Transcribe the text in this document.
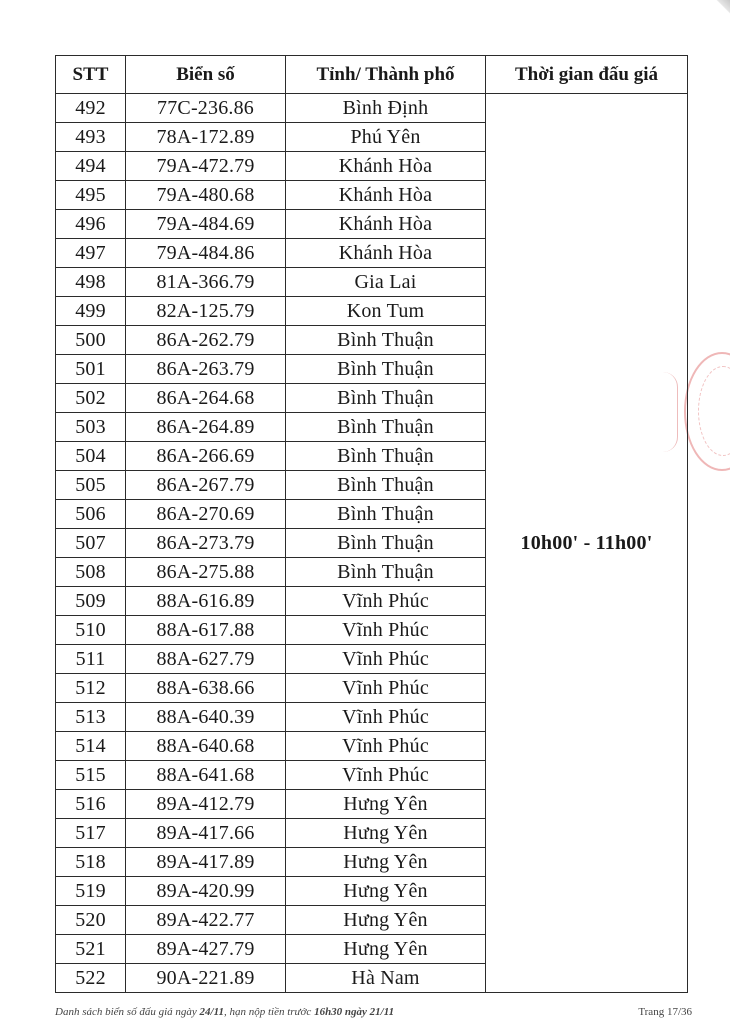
STT	Biển số	Tỉnh/ Thành phố	Thời gian đấu giá
492	77C-236.86	Bình Định	10h00' - 11h00'
493	78A-172.89	Phú Yên	
494	79A-472.79	Khánh Hòa	
495	79A-480.68	Khánh Hòa	
496	79A-484.69	Khánh Hòa	
497	79A-484.86	Khánh Hòa	
498	81A-366.79	Gia Lai	
499	82A-125.79	Kon Tum	
500	86A-262.79	Bình Thuận	
501	86A-263.79	Bình Thuận	
502	86A-264.68	Bình Thuận	
503	86A-264.89	Bình Thuận	
504	86A-266.69	Bình Thuận	
505	86A-267.79	Bình Thuận	
506	86A-270.69	Bình Thuận	
507	86A-273.79	Bình Thuận	
508	86A-275.88	Bình Thuận	
509	88A-616.89	Vĩnh Phúc	
510	88A-617.88	Vĩnh Phúc	
511	88A-627.79	Vĩnh Phúc	
512	88A-638.66	Vĩnh Phúc	
513	88A-640.39	Vĩnh Phúc	
514	88A-640.68	Vĩnh Phúc	
515	88A-641.68	Vĩnh Phúc	
516	89A-412.79	Hưng Yên	
517	89A-417.66	Hưng Yên	
518	89A-417.89	Hưng Yên	
519	89A-420.99	Hưng Yên	
520	89A-422.77	Hưng Yên	
521	89A-427.79	Hưng Yên	
522	90A-221.89	Hà Nam	
Danh sách biển số đấu giá ngày 24/11, hạn nộp tiền trước 16h30 ngày 21/11	Trang 17/36
